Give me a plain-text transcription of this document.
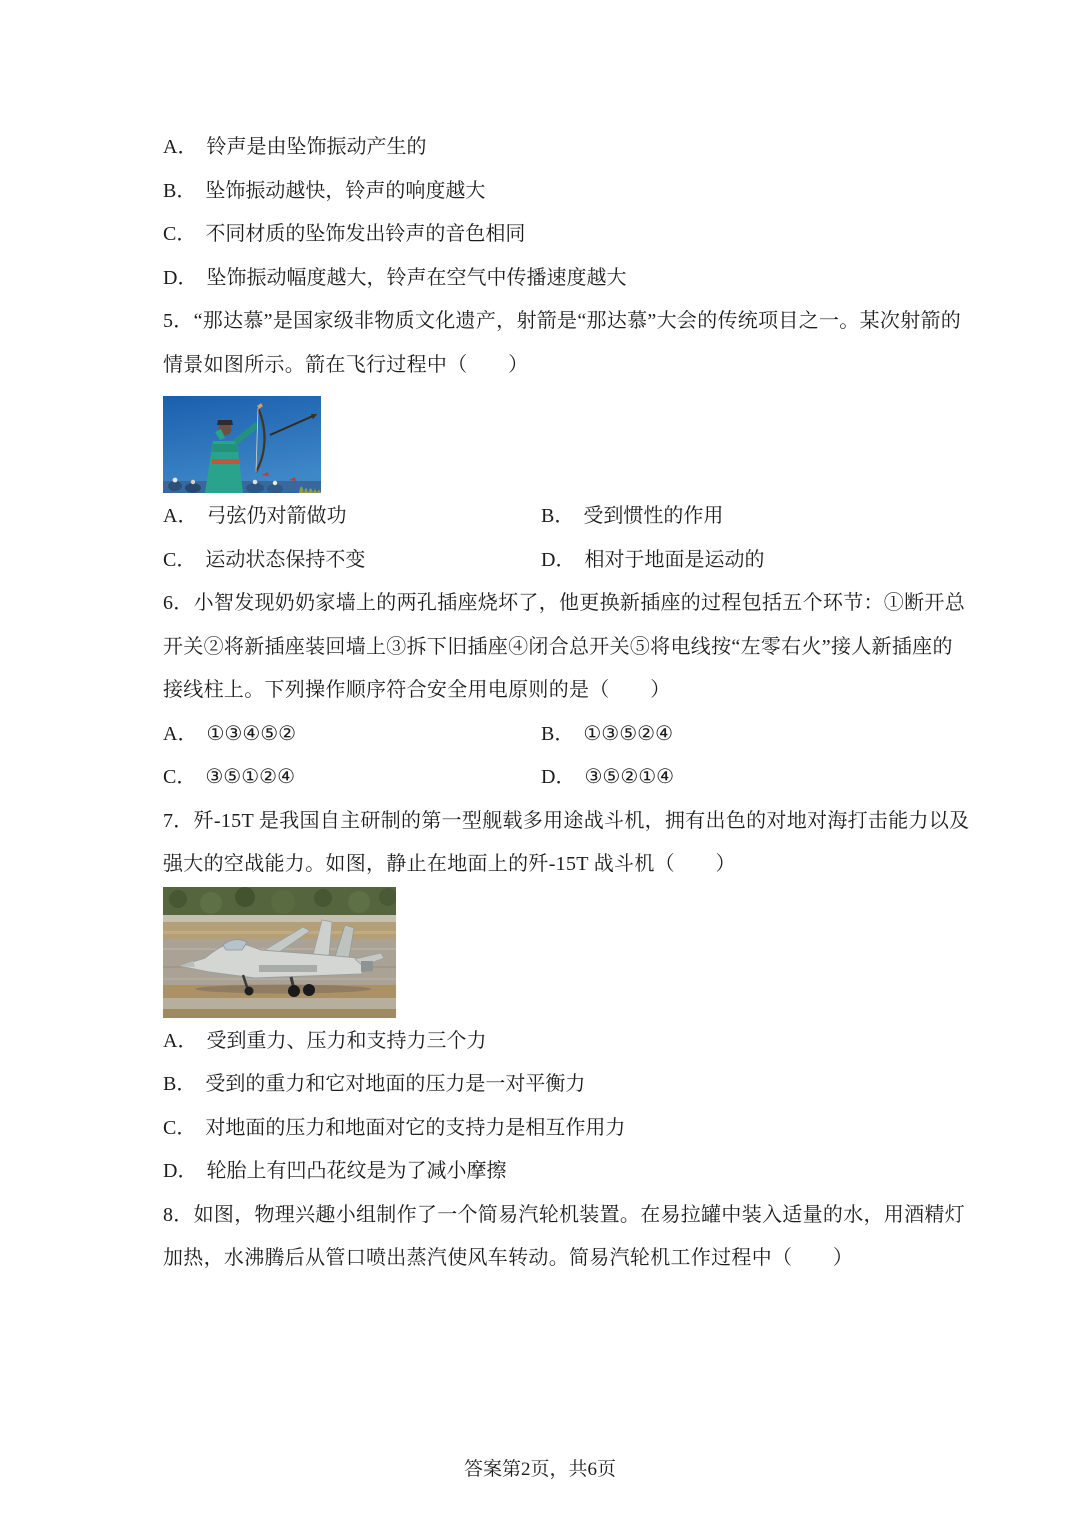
A． 铃声是由坠饰振动产生的
B． 坠饰振动越快，铃声的响度越大
C． 不同材质的坠饰发出铃声的音色相同
D． 坠饰振动幅度越大，铃声在空气中传播速度越大
5．“那达慕”是国家级非物质文化遗产，射箭是“那达慕”大会的传统项目之一。某次射箭的
情景如图所示。箭在飞行过程中（　　）
A． 弓弦仍对箭做功	B． 受到惯性的作用
C． 运动状态保持不变	D． 相对于地面是运动的
6．小智发现奶奶家墙上的两孔插座烧坏了，他更换新插座的过程包括五个环节：①断开总
开关②将新插座装回墙上③拆下旧插座④闭合总开关⑤将电线按“左零右火”接人新插座的
接线柱上。下列操作顺序符合安全用电原则的是（　　）
A． ①③④⑤②	B． ①③⑤②④
C． ③⑤①②④	D． ③⑤②①④
7．歼-15T 是我国自主研制的第一型舰载多用途战斗机，拥有出色的对地对海打击能力以及
强大的空战能力。如图，静止在地面上的歼-15T 战斗机（　　）
A． 受到重力、压力和支持力三个力
B． 受到的重力和它对地面的压力是一对平衡力
C． 对地面的压力和地面对它的支持力是相互作用力
D． 轮胎上有凹凸花纹是为了减小摩擦
8．如图，物理兴趣小组制作了一个简易汽轮机装置。在易拉罐中装入适量的水，用酒精灯
加热，水沸腾后从管口喷出蒸汽使风车转动。简易汽轮机工作过程中（　　）
答案第2页，共6页
